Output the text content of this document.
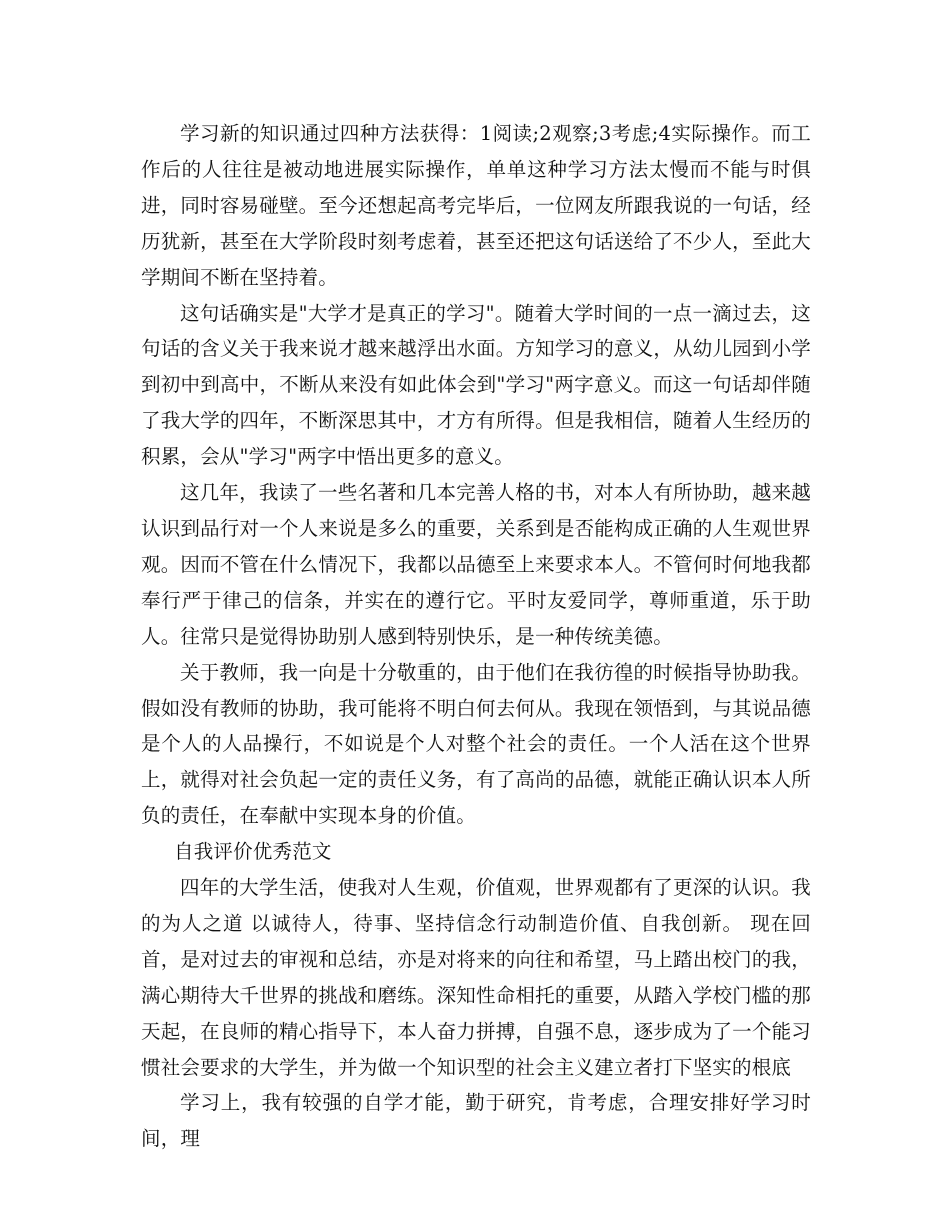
学习新的知识通过四种方法获得：1阅读;2观察;3考虑;4实际操作。而工作后的人往往是被动地进展实际操作，单单这种学习方法太慢而不能与时俱进，同时容易碰壁。至今还想起高考完毕后，一位网友所跟我说的一句话，经历犹新，甚至在大学阶段时刻考虑着，甚至还把这句话送给了不少人，至此大学期间不断在坚持着。

这句话确实是"大学才是真正的学习"。随着大学时间的一点一滴过去，这句话的含义关于我来说才越来越浮出水面。方知学习的意义，从幼儿园到小学到初中到高中，不断从来没有如此体会到"学习"两字意义。而这一句话却伴随了我大学的四年，不断深思其中，才方有所得。但是我相信，随着人生经历的积累，会从"学习"两字中悟出更多的意义。

这几年，我读了一些名著和几本完善人格的书，对本人有所协助，越来越认识到品行对一个人来说是多么的重要，关系到是否能构成正确的人生观世界观。因而不管在什么情况下，我都以品德至上来要求本人。不管何时何地我都奉行严于律己的信条，并实在的遵行它。平时友爱同学，尊师重道，乐于助人。往常只是觉得协助别人感到特别快乐，是一种传统美德。

关于教师，我一向是十分敬重的，由于他们在我彷徨的时候指导协助我。假如没有教师的协助，我可能将不明白何去何从。我现在领悟到，与其说品德是个人的人品操行，不如说是个人对整个社会的责任。一个人活在这个世界上，就得对社会负起一定的责任义务，有了高尚的品德，就能正确认识本人所负的责任，在奉献中实现本身的价值。

自我评价优秀范文

四年的大学生活，使我对人生观，价值观，世界观都有了更深的认识。我的为人之道 以诚待人，待事、坚持信念行动制造价值、自我创新。 现在回首，是对过去的审视和总结，亦是对将来的向往和希望，马上踏出校门的我，满心期待大千世界的挑战和磨练。深知性命相托的重要，从踏入学校门槛的那天起，在良师的精心指导下，本人奋力拼搏，自强不息，逐步成为了一个能习惯社会要求的大学生，并为做一个知识型的社会主义建立者打下坚实的根底

学习上，我有较强的自学才能，勤于研究，肯考虑，合理安排好学习时间，理
